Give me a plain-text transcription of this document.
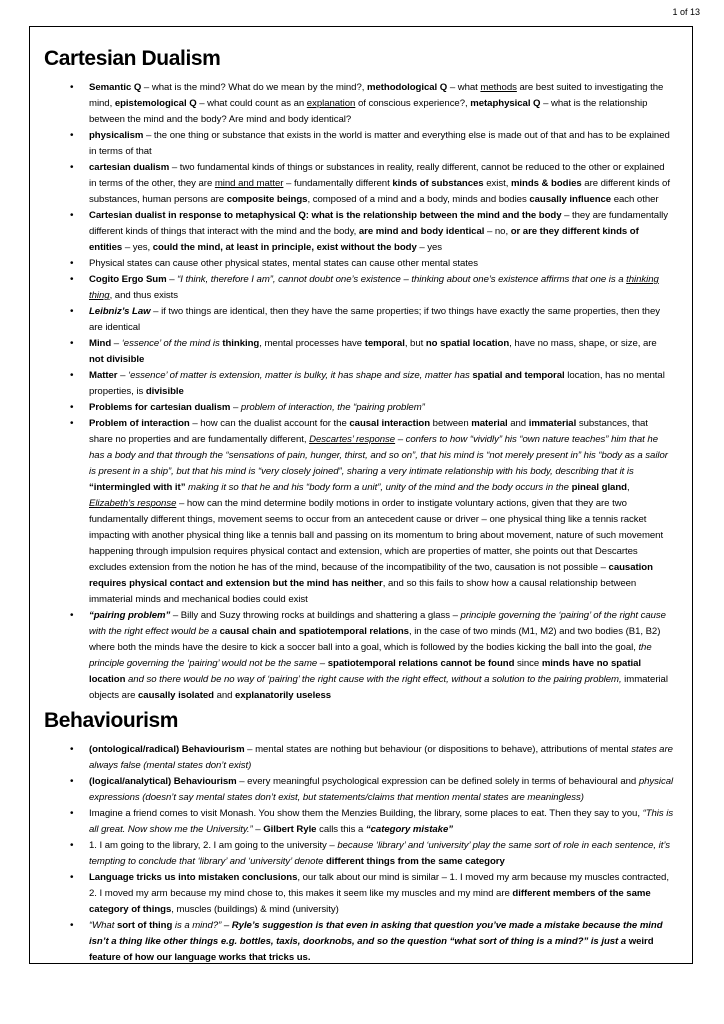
1 of 13
Cartesian Dualism
• Semantic Q – what is the mind? What do we mean by the mind?, methodological Q – what methods are best suited to investigating the mind, epistemological Q – what could count as an explanation of conscious experience?, metaphysical Q – what is the relationship between the mind and the body? Are mind and body identical?
• physicalism – the one thing or substance that exists in the world is matter and everything else is made out of that and has to be explained in terms of that
• cartesian dualism – two fundamental kinds of things or substances in reality, really different, cannot be reduced to the other or explained in terms of the other, they are mind and matter – fundamentally different kinds of substances exist, minds & bodies are different kinds of substances, human persons are composite beings, composed of a mind and a body, minds and bodies causally influence each other
• Cartesian dualist in response to metaphysical Q: what is the relationship between the mind and the body – they are fundamentally different kinds of things that interact with the mind and the body, are mind and body identical – no, or are they different kinds of entities – yes, could the mind, at least in principle, exist without the body – yes
• Physical states can cause other physical states, mental states can cause other mental states
• Cogito Ergo Sum – “I think, therefore I am”, cannot doubt one’s existence – thinking about one’s existence affirms that one is a thinking thing, and thus exists
• Leibniz’s Law – if two things are identical, then they have the same properties; if two things have exactly the same properties, then they are identical
• Mind – ‘essence’ of the mind is thinking, mental processes have temporal, but no spatial location, have no mass, shape, or size, are not divisible
• Matter – ‘essence’ of matter is extension, matter is bulky, it has shape and size, matter has spatial and temporal location, has no mental properties, is divisible
• Problems for cartesian dualism – problem of interaction, the “pairing problem”
• Problem of interaction – how can the dualist account for the causal interaction between material and immaterial substances, that share no properties and are fundamentally different, Descartes’ response – confers to how “vividly” his “own nature teaches” him that he has a body and that through the “sensations of pain, hunger, thirst, and so on”, that his mind is “not merely present in” his “body as a sailor is present in a ship”, but that his mind is “very closely joined”, sharing a very intimate relationship with his body, describing that it is “intermingled with it” making it so that he and his “body form a unit”, unity of the mind and the body occurs in the pineal gland, Elizabeth’s response – how can the mind determine bodily motions in order to instigate voluntary actions, given that they are two fundamentally different things, movement seems to occur from an antecedent cause or driver – one physical thing like a tennis racket impacting with another physical thing like a tennis ball and passing on its momentum to bring about movement, nature of such movement happening through impulsion requires physical contact and extension, which are properties of matter, she points out that Descartes excludes extension from the notion he has of the mind, because of the incompatibility of the two, causation is not possible – causation requires physical contact and extension but the mind has neither, and so this fails to show how a causal relationship between immaterial minds and mechanical bodies could exist
• “pairing problem” – Billy and Suzy throwing rocks at buildings and shattering a glass – principle governing the ‘pairing’ of the right cause with the right effect would be a causal chain and spatiotemporal relations, in the case of two minds (M1, M2) and two bodies (B1, B2) where both the minds have the desire to kick a soccer ball into a goal, which is followed by the bodies kicking the ball into the goal, the principle governing the ‘pairing’ would not be the same – spatiotemporal relations cannot be found since minds have no spatial location and so there would be no way of ‘pairing’ the right cause with the right effect, without a solution to the pairing problem, immaterial objects are causally isolated and explanatorily useless
Behaviourism
• (ontological/radical) Behaviourism – mental states are nothing but behaviour (or dispositions to behave), attributions of mental states are always false (mental states don’t exist)
• (logical/analytical) Behaviourism – every meaningful psychological expression can be defined solely in terms of behavioural and physical expressions (doesn’t say mental states don’t exist, but statements/claims that mention mental states are meaningless)
• Imagine a friend comes to visit Monash. You show them the Menzies Building, the library, some places to eat. Then they say to you, “This is all great. Now show me the University.” – Gilbert Ryle calls this a “category mistake”
• 1. I am going to the library, 2. I am going to the university – because ‘library’ and ‘university’ play the same sort of role in each sentence, it’s tempting to conclude that ‘library’ and ‘university’ denote different things from the same category
• Language tricks us into mistaken conclusions, our talk about our mind is similar – 1. I moved my arm because my muscles contracted, 2. I moved my arm because my mind chose to, this makes it seem like my muscles and my mind are different members of the same category of things, muscles (buildings) & mind (university)
• “What sort of thing is a mind?” – Ryle’s suggestion is that even in asking that question you’ve made a mistake because the mind isn’t a thing like other things e.g. bottles, taxis, doorknobs, and so the question “what sort of thing is a mind?” is just a weird feature of how our language works that tricks us.
